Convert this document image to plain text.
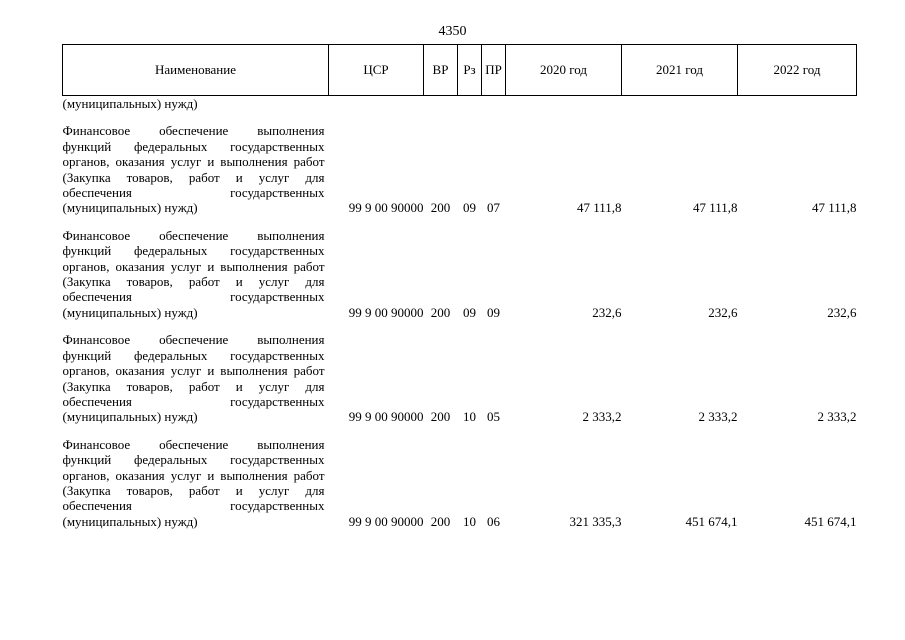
4350
Наименование	ЦСР	ВР	Рз	ПР	2020 год	2021 год	2022 год
(муниципальных) нужд)							

Финансовое обеспечение выполнения функций федеральных государственных органов, оказания услуг и выполнения работ (Закупка товаров, работ и услуг для обеспечения государственных (муниципальных) нужд)	99 9 00 90000	200	09	07	47 111,8	47 111,8	47 111,8

Финансовое обеспечение выполнения функций федеральных государственных органов, оказания услуг и выполнения работ (Закупка товаров, работ и услуг для обеспечения государственных (муниципальных) нужд)	99 9 00 90000	200	09	09	232,6	232,6	232,6

Финансовое обеспечение выполнения функций федеральных государственных органов, оказания услуг и выполнения работ (Закупка товаров, работ и услуг для обеспечения государственных (муниципальных) нужд)	99 9 00 90000	200	10	05	2 333,2	2 333,2	2 333,2

Финансовое обеспечение выполнения функций федеральных государственных органов, оказания услуг и выполнения работ (Закупка товаров, работ и услуг для обеспечения государственных (муниципальных) нужд)	99 9 00 90000	200	10	06	321 335,3	451 674,1	451 674,1
